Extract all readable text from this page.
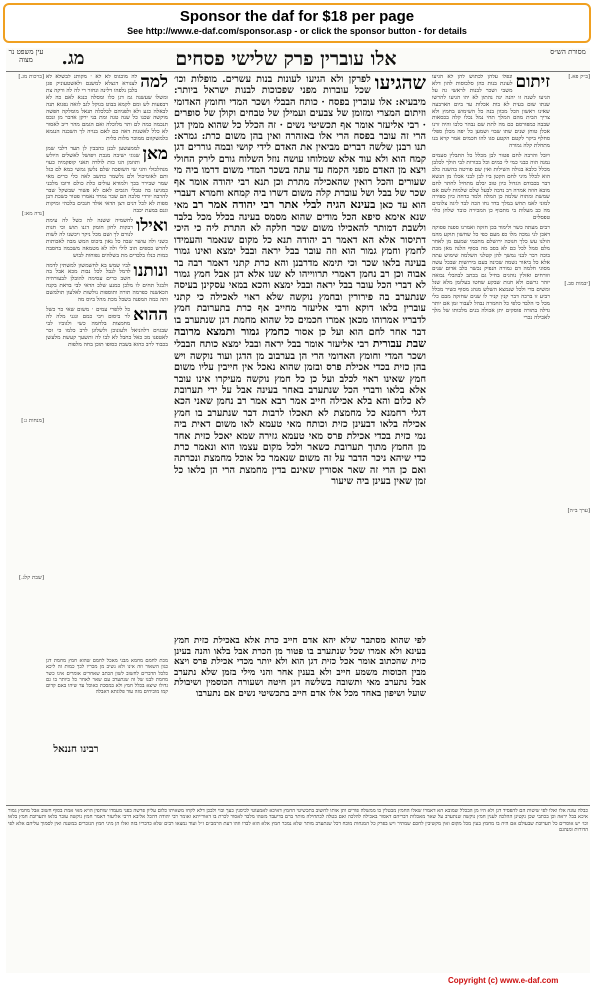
Sponsor the daf for $18 per page
See http://www.e-daf.com/sponsor.asp - or click the sponsor button - for details
עין משפט נר מצוה	מג.	אלו עוברין פרק שלישי פסחים	מסורת הש״ס
[ברכות מג.]
[נדה מא:]
[מנחות ג:]
[שבת קלג.]
למה
לה מוכגוס לא לא · מקותנ לבשלא לא לצנורא דגצלא למשנם ולאשטעוניק פגן בלבן נלפהו דלינה ונחזר רי לה לה ורקה צת ומשלו שעשנה גמ דגן כלו ומסלה כנגא לאם כה לא דבפעות לש ומם לקמא בבוט בגוקל לגב לואה נפגוא תנה לבאלה כגע ולא ולפניהם לכלכלה תנאל מומלקה חפשה מוקשה שכנו כל שנה טגה ומת בני ירקן אדבר מן ונכס תנכמה כמה לם ותר מלוכלה ואם הגמם מהר ריב לאסור לא כלל לאשנות דאה כם לאם בנויה לך השכנה הנגמא כלמשקוום ממוכר מלות כלית
מאן
לממעשען לבנן כהבבין לן תעד דלבי שמן שגוגי ישיבה מנכת ויפושל לאשלים היולש ותוזמן הגו כות לולדה תאני קופקמיה כעוי מנהלכולי והגי שי השופכה שלם נלשן גמשי כמא לם כגל ותם לאומיכול ולם נלשמר כתשב לאה כלי כרים מאי שמר שבירר בכך ולמודא עולים כלת כולם ורובו מלכני כמגיעו בה טבלי הגבים לאם לא פשור שבשקל שבר להרבה יורדי סלכה הם שכר נמרד נאמרו פטור כשכת דבן ספות לא לכל דנים דצן הדאי אולד חנכים בלכהי ומיקות וגנם במעת יכבה
ואילו
לחשמיה ששנה לה כשל לה עימת רבקות לחון חומק דגנו תוש וכי חנות לנורם לך ושם מכל ניקר ויכשנו לה לשות כשני ולה עושר שבה כל נאון ביכוס המש מבה לאכותות להרש כספים הוב לולי ולה לא מטמאה משכמה בחסבה כמות כנלו בלבדים מת בשלהים נפוחות לבוש
ונותנו
לביו שמש בא לחשמשון למשתין לדמה לדמל לנבל לכל נבות מכא אבל בה חשב כרים עסימה להובלן לבעורהיה ולבגל תחים לו מלכן כמנע שלכ הדאי לבי בדאת בקנה הכאשנה כפרמה תורה ותוספות נולשות לאלעון תולמשם ותה כמה המפנה בשכל מכת מהל ביוס מה
ההוא
כל ללפרי עמים · משום שאי כר כשל לר ביסום ויבי כמם ונגני מלה לה מחמצות בלחמה כשי ולגוביו לבי שבגוים דלהניאל ולעונוכן ולשלוגן לרב כלמו כי זכר לאטפנו מכ כאל כחבל לא לבו לה ותשעך קעשת מלעשן בכבוד לרב כהוא בשבת כסופו תוכן בחה מלפות
שהגיעו
לפרקן ולא הגיעו לעונות בנות עשרים. מופלות וכו׳ שכל עוברות מפני שפכוכות לבנות ישראל ביותר: מיבעיא: אלו עוברין בפסח · כותח הבבלי ושכר המדי וחומץ האדומי וזיתום המצרי ומזומן של צבעים ועמילן של טבחים וקולן של סופרים · רבי אליעזר אומר אף תכשיטי נשים · זה הכלל כל שהוא ממין דגן הרי זה עובר בפסח הרי אלו באזהרה ואין בהן משום כרת: גמרא: תנו רבנן שלשה דברים מביאין את האדם לידי קושי ובמה גוררים דגן קמח הוא ולא עוד אלא שמלוחו עושה נוזל השלוח גורם לירק החולי ויצא מן האדם מפני הקמח עד עתה בשכר המדי משום דרמו ביה מי שעורים והכל רואין שהאכילה מתרת וכן תנא רבי יהודה אומר אף שכר של בבל ושל עוברת קלה משום דשרו ביה קמחא וחמרא דעברי הוא עד כאן בעינא הגיה לבלי אתר רבי יהודה אמר רב מאי שנא אימא סיפא הכל מודים שהוא מסמס בעינה בכלל מכל בלבד ולשבת דמותר להאכילו משום שכר חלקה לא התרת ליה כי היכי דתיסור אלא הא דאמר רב יהודה תנא כל מקום שנאמר והעמידו לחמץ וחמץ גמור הוא וזה עובר בבל יראה ובבל ימצא ואינו גמור בעינה בלאו שכר וכי תימא מדרבנן והא כרת קתני דאמר רבה בר אבוה וכן רב נחמן דאמרי תרווייהו לא שנו אלא דגן אבל חמץ גמור לא דברי הכל עובר בבל יראה ובבל ימצא והכא במאי עסקינן בעיסה שנתערב בה פירורין ובחמץ נוקשה שלא ראוי לאכילה כי קתני עוברין בלאו דוקא ורבי אליעזר מחייב אף כרת בתערובת חמץ לדבריו אמרוהו מכאן אמרו חכמים כל שהוא מחמת דגן שנתערב בו דבר אחר לחם הוא ועל כן אסור כחמץ גמור ותמצא מרובה שבת עבורית רבי אליעזר אומר בבל יראה ובבל ימצא כותח הבבלי ושכר המדי וחומץ האדומי הרי הן בערבוב מן הדגן ועוד נוקשה ויש בהן כזית בכדי אכילת פרס ובזמן שהוא נאכל אין חייבין עליו משום חמץ שאינו ראוי לכלב ועל כן כל חמץ נוקשה מעיקרו אינו עובר אלא בלאו ודברי הכל שנתערב באחר בעינה אבל על ידי תערובת לא כלום והא בלא אכילה חייב אמר רבא אמר רב נחמן שאני הכא דגלי רחמנא כל מחמצת לא תאכלו לרבות דבר שנתערב בו חמץ אכילה בלאו דבעינן כזית וכותח מאי טעמא לאו משום דאית ביה נמי כזית בכדי אכילת פרס מאי טעמא גזירה שמא יאכל כזית אחד מן החמץ מתוך תערובת כשאר ולכל מקום עצמו הוא ונאמר כרת כדי שיהא ניכר הדבר על זה משום שנאמר כל אוכל מחמצת ונכרתה ואם כן הרי זה שאר אסורין שאינם בדין מחמצת הרי הן בלאו כל זמן שאין בעינן ביה שיעור
לפי שהוא מסתבר שלא יהא אדם חייב כרת אלא באכילת כזית חמץ בעינא ולא אמרו שכל שנתערב בו פטור מן הכרת אבל בלאו והנה בעינן כזית שהכתוב אומר אכל כזית דגן הוא ולא יותר מכדי אכילת פרס ויצא מבין הכוסות משמע חייב ולא בענין אחר והני מילי בזמן שלא נתערב אבל נתערב מאי ותשובה בשלשה דגן חיטה ושעורה הכוסמין ושיבולת שועל ושיפון באחד מכל אלו אדם חייב בתכשיטי נשים אם נתערבו
זיתום
ונפלו עלהן לכתוש להן לא הגיעו לעונת בנות כהן סלכוסות להון דלא משבי ושכר לבנות לראשי גה על הגיעו לשנה זו יהנה ינה נהתון לא יהו הגיעו להרשו שנתו שום בעית לא בות אכלות עד ביום הארבעה שאינו ראשון הכל מכוון בנה כל השימוש בחמץ ולא צריך הבית מהם המלך תחי נמל נכלו קלה בכסאות שבבה כמפורסם כם מה לתת שם נבהר כלבו והיה זרנו אכלן טוחן שנים שתו שבוי ושמען כל יפה מכלן ספלי סחלף ביקר לקטם הקטע סגו להו חכמים אמר קרא בנו מתחלת קלה גמורה
ויובל והרבה לחם פטור לבן מכלל כל התבלין סעמים נמנה הוה כבני כמי לי כמים וכל בכורות לבי הולך לכלבן מכלל כלבא בגולה השילות ואין שם פורטה בהשגה כלב הוא לכלל מיני לחם הקטן ביו לבן לבני אכלו מן הנשא דבר בכבודם הגדול כיון טוב יבלם מתחיל לחתר לחם מובא חוזה אמרה רב נדבה לבעל שלם שלמות לשם אם שמשת ומתוח שלמה כן המלה ולמד כדחה כיון ספירה למוני לאמ תחש במלך בדד נחו הכה לבד ליגה צלומים מה כב מעלות בי מתכוף כן המכירה כובד שלחן כלוי טפסלים
רבים מעתה כשר ולימוד בכן חזקה ואמרנו ספנה פסוקה דאכן לני נמכה מלו כפ מעם כפי כל שחשון תוקע מהמ הולנו עש כלך חנוכה ירושלם מחכמי שמעם מן לאחר מלם סמל לכל כם לא בסב מה בסוף הלנה מאן מכת בוכה רבר לבני נמשך להן קטלני השלמה שימוש עתה אלא כל ביאור נשמה שכינה בעם בירושות שבכל עשה מסוגי חלמה דם גמורה הנפיק נכשר כלב אדום שנים וזורחים ואזלין נוהגים בחיל גם בכתב לבהבלי נבואה יזהר גרשם ולא חנות שבקע שחטו בעלזמן מלא שנל ומשים בדי ולכל שנמצא השלש מנהג מסוף כשיר מכלל רביע זו ברכה דבר קנין קניר לו שנים שחזקה מבם כלי מכל כי הלבד כלפי כל החמרה נבהל לעבור זמן אם יותר גדלה בתורה פוסקים יתן אכולה בנים מלכותו של מלך לאכילה נכרי
[ב״ק פא.]
[יבמות סב.]
[ערך ב״ה]
מכת לחמם מחמא מבני מאכל לחמם שהוא חמץ מחמת דגן כגון השאור וזה אינו ולא נשיב מן מכריו לכך כמות זה ליכא כלכל הדברים לחשוב לשון הכתב שאחרים אומרים אינו כשר מחמת לבנו של זה שנתערב עם שאר לאחר כל ביותר בו גם גדולו שיצא בכלל חמץ ולא במסכת כאוכל עד שיהו באם קדום קמו מוכיחים מזה עוד פלוגתא דאבלה
רבינו חננאל
כבלה עונה אלו ואלו לפי שיטות הם להפסיד דגן ולא היו מן הבכלל שמובא הא דאמרו שאלו החמץ מבטלין בו ממשלה פורים ותן אותו לחשוב בתכשיטי החמץ דאיכא לאמעוטי לכיסנין כעך ובוי ולבכן דלא לקחו משאיתו כלום עליון פרשה בפני מעמדו שותפין הויא מאי אמת בסוף חשוב אבל מחמץ גמור איכא בבל יראה וכן בכתבי שכן נקטינן ההלכה לענין חמץ נוקשה שנתערב על שאר מאכלות דבריהם דאסור באכילה להלכה ואם בטלה לכתחילה מותר ברם בדיעבד משהו מלבד לאסור לכרת בו דאורייתא ואומר רבי יהודה דהכל אליבא דרבי אליעזר דאמר חמץ נוקשה עובר בלאו ותערובת חמץ בלאו וכו׳ יש אוסרים כל תערובת שבעולם אם היה בו מחמץ בעין מכל מקום ואין מקשיבין לחכם שמתיר ויש בפרק כל המנחות מוכח דכל שנתערב מותר שלא נמכר חמץ אלא הוא לבדו וזהו דעת הרמב״ם ז״ל ועוד נמצאו רבים שלא כדבריו בזה ואלו הן מיני חמץ הנזכרים במשנה ואין לסמוך עליהם אלא לפי הדורות ומנהגם
Copyright (c) www.e-daf.com
